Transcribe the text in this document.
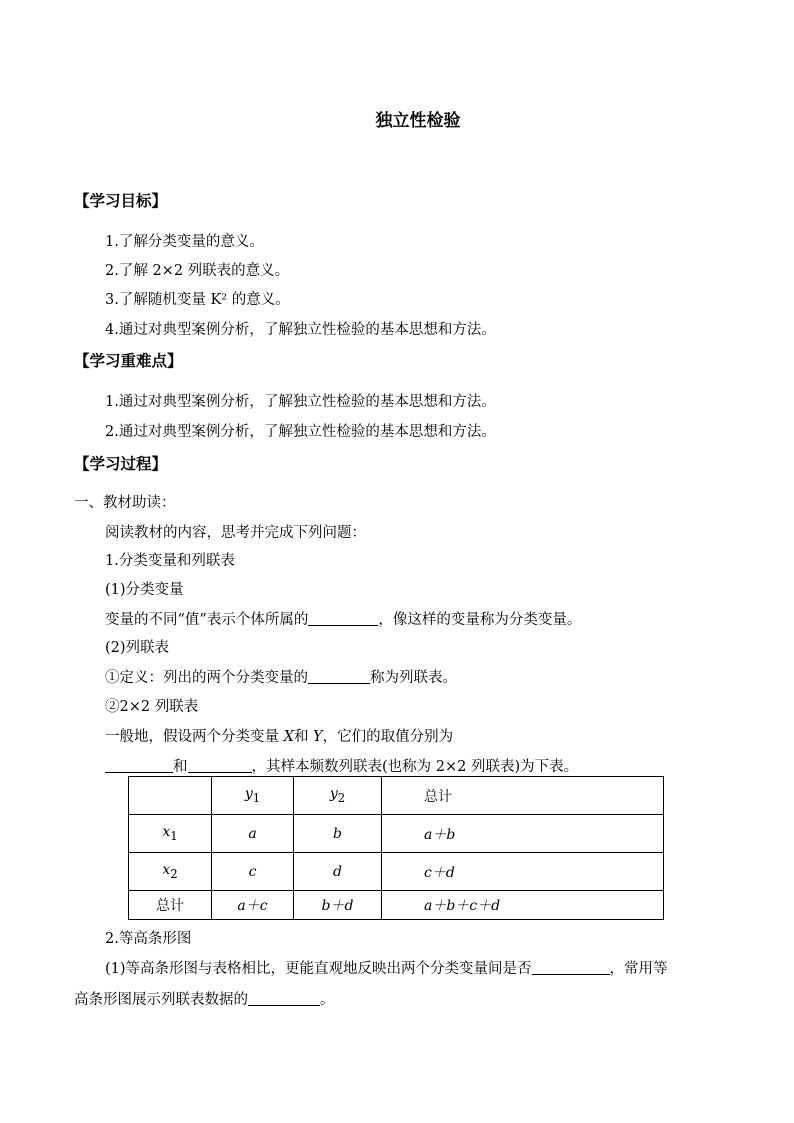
独立性检验
【学习目标】
1.了解分类变量的意义。
2.了解 2×2 列联表的意义。
3.了解随机变量 K² 的意义。
4.通过对典型案例分析，了解独立性检验的基本思想和方法。
【学习重难点】
1.通过对典型案例分析，了解独立性检验的基本思想和方法。
2.通过对典型案例分析，了解独立性检验的基本思想和方法。
【学习过程】
一、教材助读：
阅读教材的内容，思考并完成下列问题：
1.分类变量和列联表
(1)分类变量
变量的不同“值”表示个体所属的	，像这样的变量称为分类变量。
(2)列联表
①定义：列出的两个分类变量的	称为列联表。
②2×2 列联表
一般地，假设两个分类变量 X和 Y，它们的取值分别为
和	，其样本频数列联表(也称为 2×2 列联表)为下表。
	$y_1$	$y_2$	总计
$x_1$	a	b	a＋b
$x_2$	c	d	c＋d
总计	a＋c	b＋d	a＋b＋c＋d
2.等高条形图
(1)等高条形图与表格相比，更能直观地反映出两个分类变量间是否	，常用等
高条形图展示列联表数据的	。
